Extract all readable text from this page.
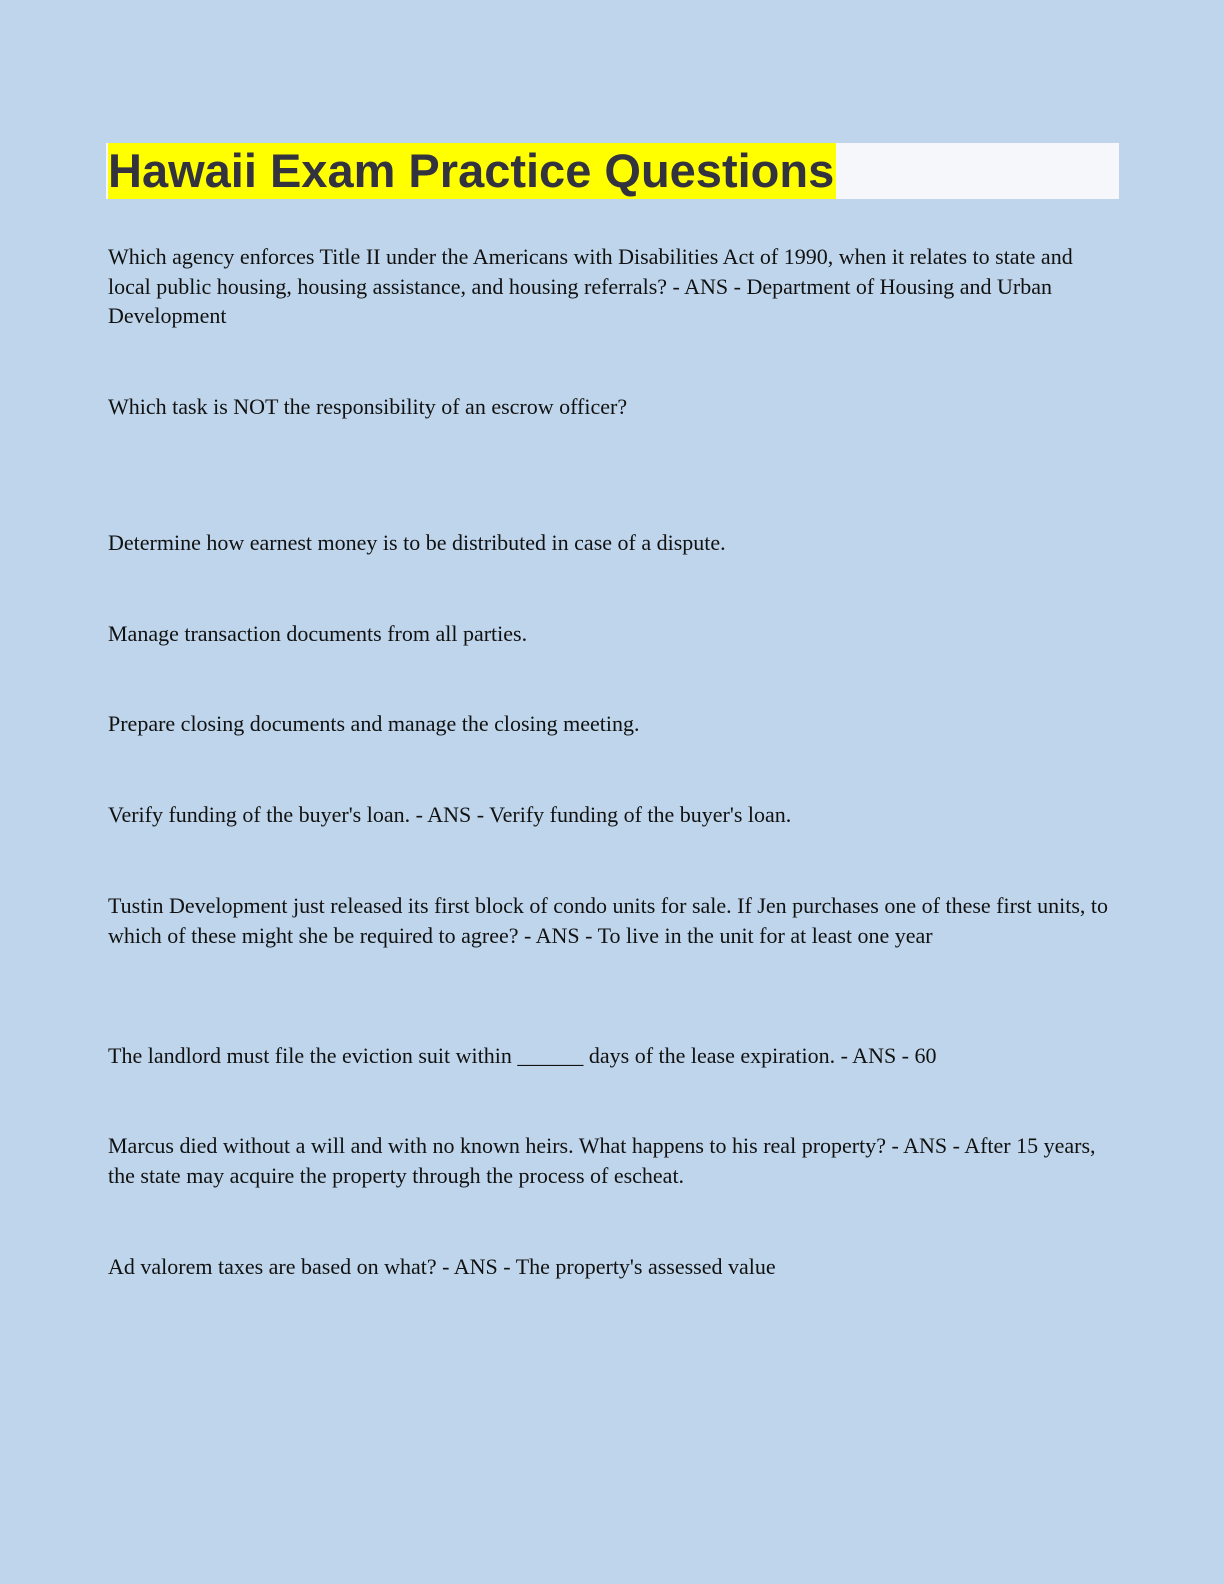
Hawaii Exam Practice Questions

Which agency enforces Title II under the Americans with Disabilities Act of 1990, when it relates to state and local public housing, housing assistance, and housing referrals? - ANS - Department of Housing and Urban Development

Which task is NOT the responsibility of an escrow officer?

Determine how earnest money is to be distributed in case of a dispute.

Manage transaction documents from all parties.

Prepare closing documents and manage the closing meeting.

Verify funding of the buyer's loan. - ANS - Verify funding of the buyer's loan.

Tustin Development just released its first block of condo units for sale. If Jen purchases one of these first units, to which of these might she be required to agree? - ANS - To live in the unit for at least one year

The landlord must file the eviction suit within ______ days of the lease expiration. - ANS - 60

Marcus died without a will and with no known heirs. What happens to his real property? - ANS - After 15 years, the state may acquire the property through the process of escheat.

Ad valorem taxes are based on what? - ANS - The property's assessed value
